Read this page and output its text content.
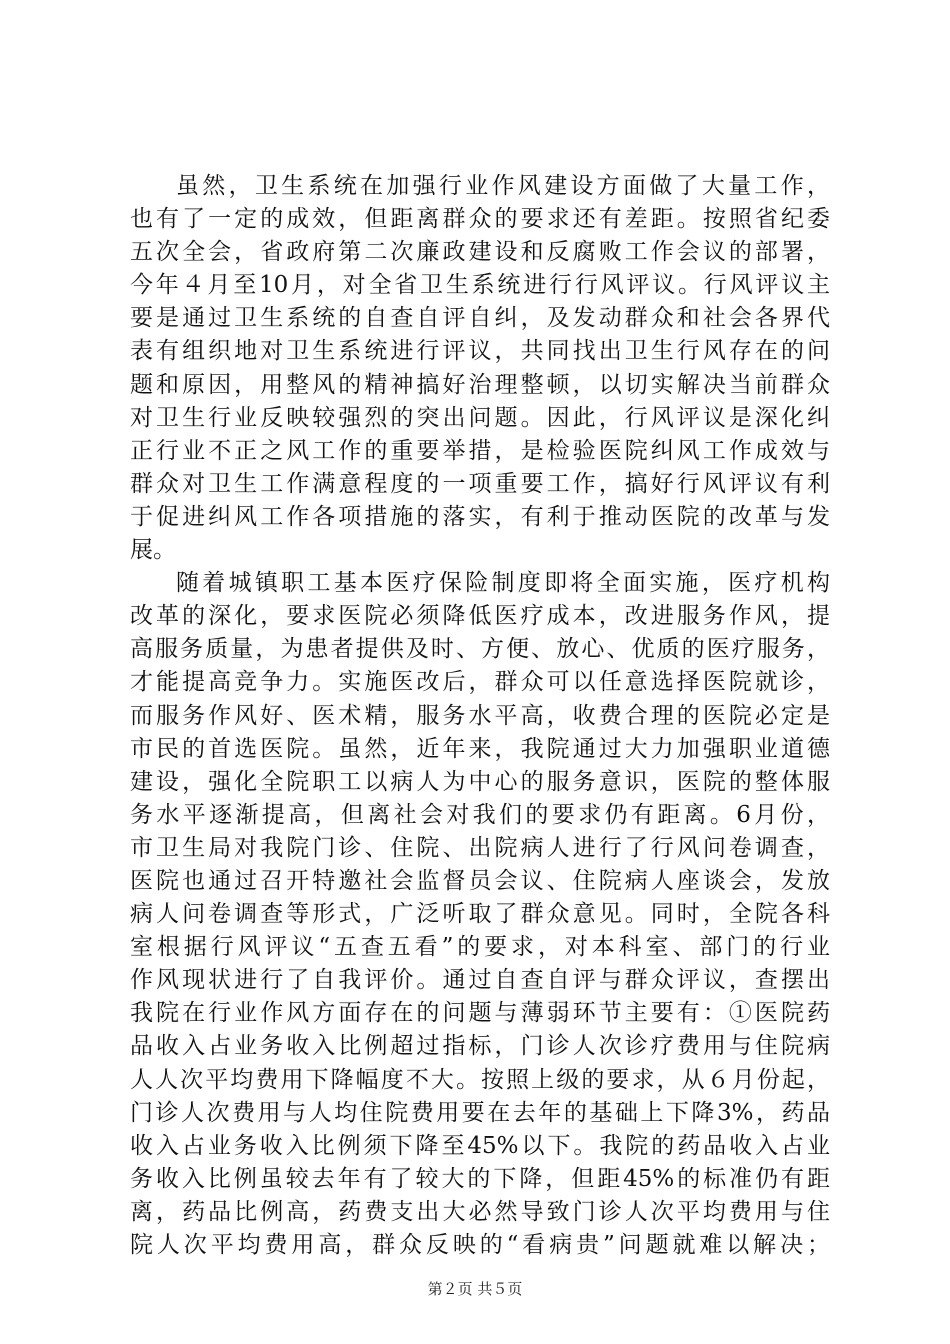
虽然，卫生系统在加强行业作风建设方面做了大量工作，
也有了一定的成效，但距离群众的要求还有差距。按照省纪委
五次全会，省政府第二次廉政建设和反腐败工作会议的部署，
今年４月至10月，对全省卫生系统进行行风评议。行风评议主
要是通过卫生系统的自查自评自纠，及发动群众和社会各界代
表有组织地对卫生系统进行评议，共同找出卫生行风存在的问
题和原因，用整风的精神搞好治理整顿，以切实解决当前群众
对卫生行业反映较强烈的突出问题。因此，行风评议是深化纠
正行业不正之风工作的重要举措，是检验医院纠风工作成效与
群众对卫生工作满意程度的一项重要工作，搞好行风评议有利
于促进纠风工作各项措施的落实，有利于推动医院的改革与发
展。
随着城镇职工基本医疗保险制度即将全面实施，医疗机构
改革的深化，要求医院必须降低医疗成本，改进服务作风，提
高服务质量，为患者提供及时、方便、放心、优质的医疗服务，
才能提高竞争力。实施医改后，群众可以任意选择医院就诊，
而服务作风好、医术精，服务水平高，收费合理的医院必定是
市民的首选医院。虽然，近年来，我院通过大力加强职业道德
建设，强化全院职工以病人为中心的服务意识，医院的整体服
务水平逐渐提高，但离社会对我们的要求仍有距离。6月份，
市卫生局对我院门诊、住院、出院病人进行了行风问卷调查，
医院也通过召开特邀社会监督员会议、住院病人座谈会，发放
病人问卷调查等形式，广泛听取了群众意见。同时，全院各科
室根据行风评议“五查五看”的要求，对本科室、部门的行业
作风现状进行了自我评价。通过自查自评与群众评议，查摆出
我院在行业作风方面存在的问题与薄弱环节主要有：①医院药
品收入占业务收入比例超过指标，门诊人次诊疗费用与住院病
人人次平均费用下降幅度不大。按照上级的要求，从６月份起，
门诊人次费用与人均住院费用要在去年的基础上下降3%，药品
收入占业务收入比例须下降至45%以下。我院的药品收入占业
务收入比例虽较去年有了较大的下降，但距45%的标准仍有距
离，药品比例高，药费支出大必然导致门诊人次平均费用与住
院人次平均费用高，群众反映的“看病贵”问题就难以解决；
第２页 共５页
